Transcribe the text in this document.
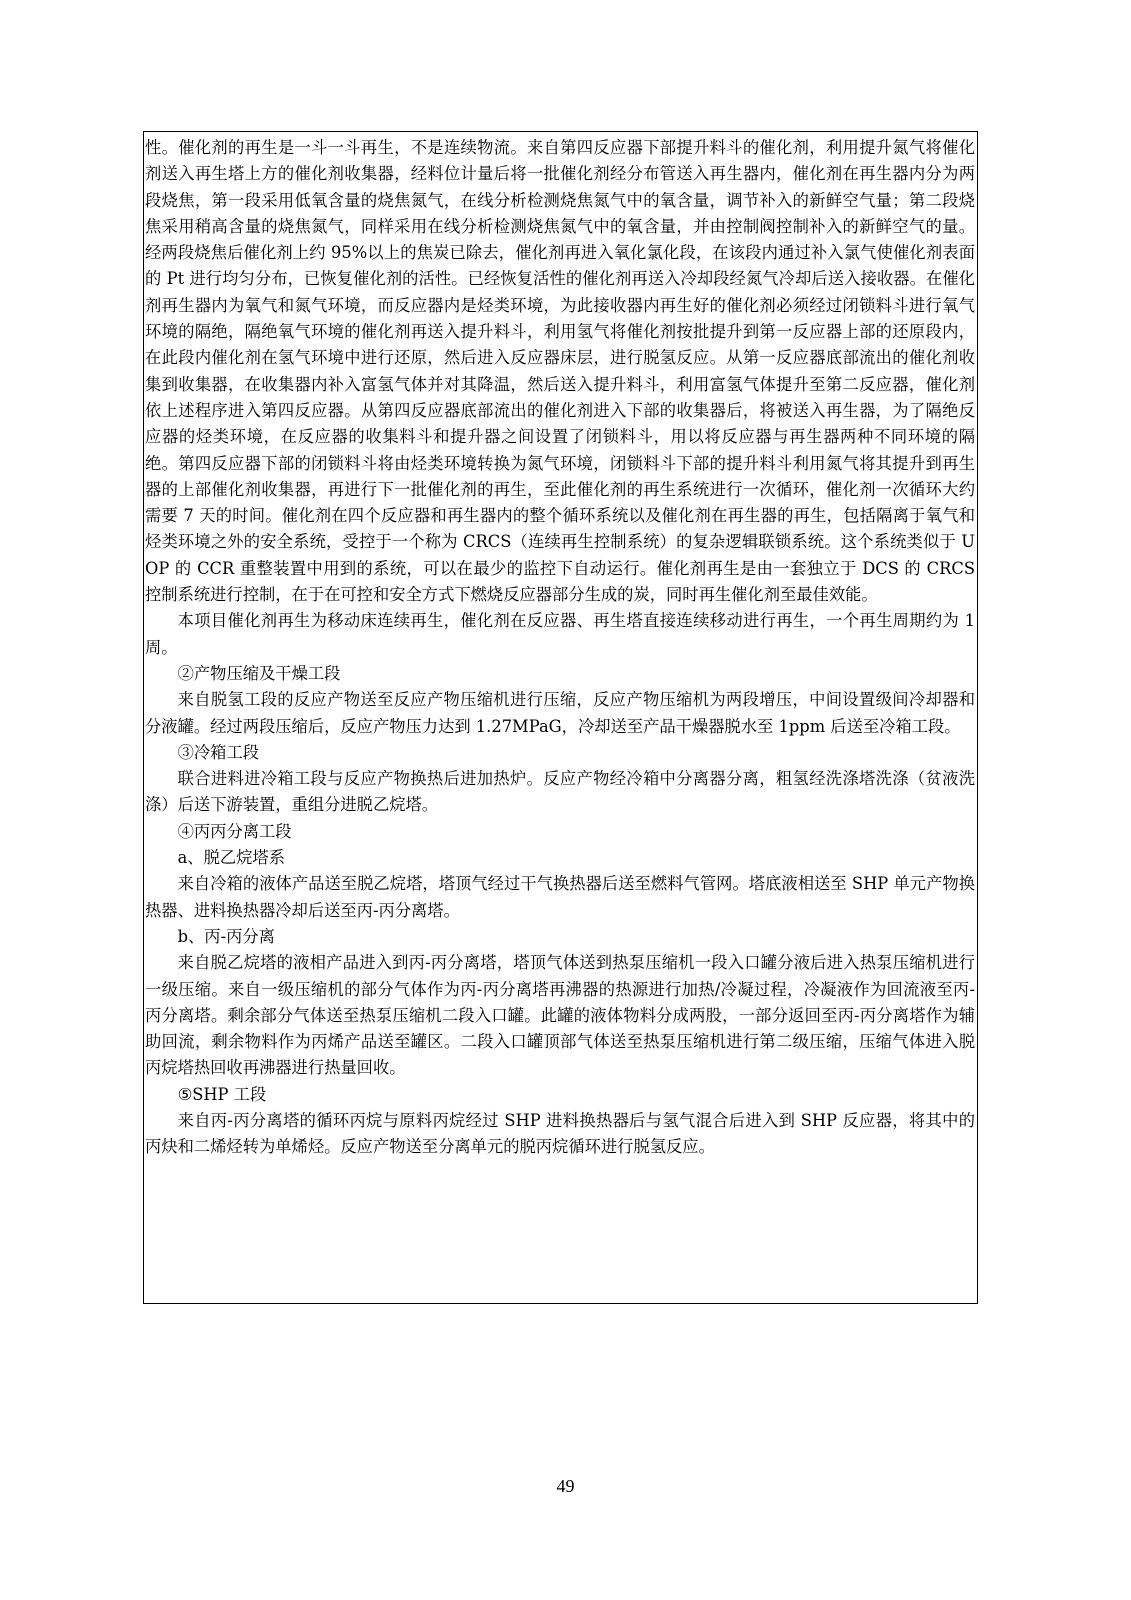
性。催化剂的再生是一斗一斗再生，不是连续物流。来自第四反应器下部提升料斗的催化剂，利用提升氮气将催化剂送入再生塔上方的催化剂收集器，经料位计量后将一批催化剂经分布管送入再生器内，催化剂在再生器内分为两段烧焦，第一段采用低氧含量的烧焦氮气，在线分析检测烧焦氮气中的氧含量，调节补入的新鲜空气量；第二段烧焦采用稍高含量的烧焦氮气，同样采用在线分析检测烧焦氮气中的氧含量，并由控制阀控制补入的新鲜空气的量。经两段烧焦后催化剂上约 95%以上的焦炭已除去，催化剂再进入氧化氯化段，在该段内通过补入氯气使催化剂表面的 Pt 进行均匀分布，已恢复催化剂的活性。已经恢复活性的催化剂再送入冷却段经氮气冷却后送入接收器。在催化剂再生器内为氧气和氮气环境，而反应器内是烃类环境，为此接收器内再生好的催化剂必须经过闭锁料斗进行氧气环境的隔绝，隔绝氧气环境的催化剂再送入提升料斗，利用氢气将催化剂按批提升到第一反应器上部的还原段内，在此段内催化剂在氢气环境中进行还原，然后进入反应器床层，进行脱氢反应。从第一反应器底部流出的催化剂收集到收集器，在收集器内补入富氢气体并对其降温，然后送入提升料斗，利用富氢气体提升至第二反应器，催化剂依上述程序进入第四反应器。从第四反应器底部流出的催化剂进入下部的收集器后，将被送入再生器，为了隔绝反应器的烃类环境，在反应器的收集料斗和提升器之间设置了闭锁料斗，用以将反应器与再生器两种不同环境的隔绝。第四反应器下部的闭锁料斗将由烃类环境转换为氮气环境，闭锁料斗下部的提升料斗利用氮气将其提升到再生器的上部催化剂收集器，再进行下一批催化剂的再生，至此催化剂的再生系统进行一次循环，催化剂一次循环大约需要 7 天的时间。催化剂在四个反应器和再生器内的整个循环系统以及催化剂在再生器的再生，包括隔离于氧气和烃类环境之外的安全系统，受控于一个称为 CRCS（连续再生控制系统）的复杂逻辑联锁系统。这个系统类似于 UOP 的 CCR 重整装置中用到的系统，可以在最少的监控下自动运行。催化剂再生是由一套独立于 DCS 的 CRCS 控制系统进行控制，在于在可控和安全方式下燃烧反应器部分生成的炭，同时再生催化剂至最佳效能。

本项目催化剂再生为移动床连续再生，催化剂在反应器、再生塔直接连续移动进行再生，一个再生周期约为 1 周。

②产物压缩及干燥工段

来自脱氢工段的反应产物送至反应产物压缩机进行压缩，反应产物压缩机为两段增压，中间设置级间冷却器和分液罐。经过两段压缩后，反应产物压力达到 1.27MPaG，冷却送至产品干燥器脱水至 1ppm 后送至冷箱工段。

③冷箱工段

联合进料进冷箱工段与反应产物换热后进加热炉。反应产物经冷箱中分离器分离，粗氢经洗涤塔洗涤（贫液洗涤）后送下游装置，重组分进脱乙烷塔。

④丙丙分离工段

a、脱乙烷塔系

来自冷箱的液体产品送至脱乙烷塔，塔顶气经过干气换热器后送至燃料气管网。塔底液相送至 SHP 单元产物换热器、进料换热器冷却后送至丙-丙分离塔。

b、丙-丙分离

来自脱乙烷塔的液相产品进入到丙-丙分离塔，塔顶气体送到热泵压缩机一段入口罐分液后进入热泵压缩机进行一级压缩。来自一级压缩机的部分气体作为丙-丙分离塔再沸器的热源进行加热/冷凝过程，冷凝液作为回流液至丙-丙分离塔。剩余部分气体送至热泵压缩机二段入口罐。此罐的液体物料分成两股，一部分返回至丙-丙分离塔作为辅助回流，剩余物料作为丙烯产品送至罐区。二段入口罐顶部气体送至热泵压缩机进行第二级压缩，压缩气体进入脱丙烷塔热回收再沸器进行热量回收。

⑤SHP 工段

来自丙-丙分离塔的循环丙烷与原料丙烷经过 SHP 进料换热器后与氢气混合后进入到 SHP 反应器，将其中的丙炔和二烯烃转为单烯烃。反应产物送至分离单元的脱丙烷循环进行脱氢反应。

49
